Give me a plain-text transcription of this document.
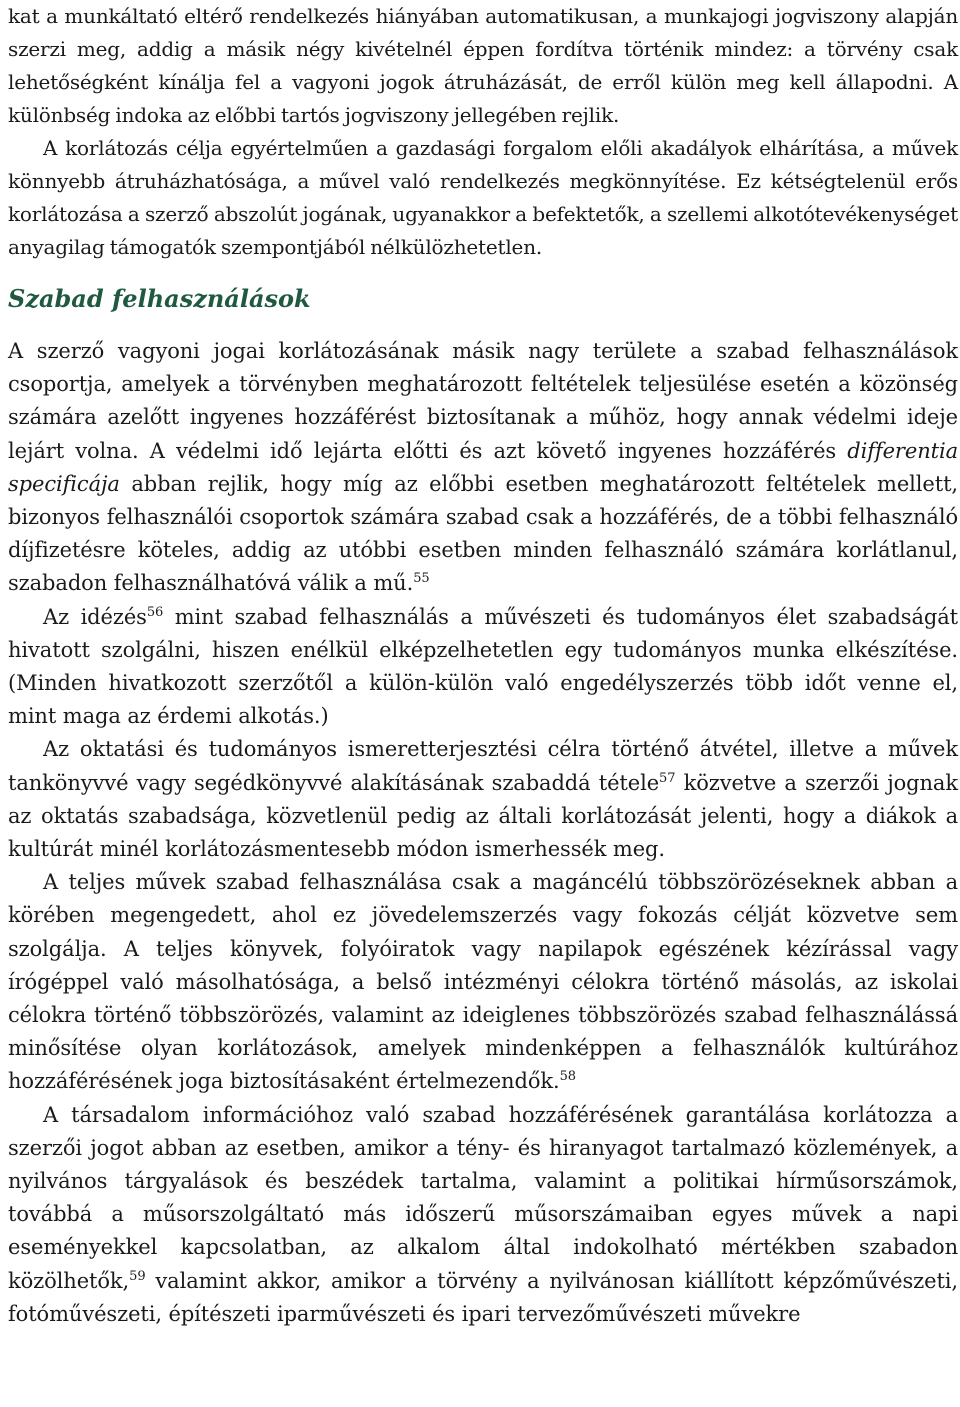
kat a munkáltató eltérő rendelkezés hiányában automatikusan, a munkajogi jogviszony alapján szerzi meg, addig a másik négy kivételnél éppen fordítva történik mindez: a törvény csak lehetőségként kínálja fel a vagyoni jogok átruházását, de erről külön meg kell állapodni. A különbség indoka az előbbi tartós jogviszony jellegében rejlik.

A korlátozás célja egyértelműen a gazdasági forgalom előli akadályok elhárítása, a művek könnyebb átruházhatósága, a művel való rendelkezés megkönnyítése. Ez kétségtelenül erős korlátozása a szerző abszolút jogának, ugyanakkor a befektetők, a szellemi alkotótevékenységet anyagilag támogatók szempontjából nélkülözhetetlen.

Szabad felhasználások

A szerző vagyoni jogai korlátozásának másik nagy területe a szabad felhasználások csoportja, amelyek a törvényben meghatározott feltételek teljesülése esetén a közönség számára azelőtt ingyenes hozzáférést biztosítanak a műhöz, hogy annak védelmi ideje lejárt volna. A védelmi idő lejárta előtti és azt követő ingyenes hozzáférés differentia specificája abban rejlik, hogy míg az előbbi esetben meghatározott feltételek mellett, bizonyos felhasználói csoportok számára szabad csak a hozzáférés, de a többi felhasználó díjfizetésre köteles, addig az utóbbi esetben minden felhasználó számára korlátlanul, szabadon felhasználhatóvá válik a mű.$^{55}$

Az idézés$^{56}$ mint szabad felhasználás a művészeti és tudományos élet szabadságát hivatott szolgálni, hiszen enélkül elképzelhetetlen egy tudományos munka elkészítése. (Minden hivatkozott szerzőtől a külön-külön való engedélyszerzés több időt venne el, mint maga az érdemi alkotás.)

Az oktatási és tudományos ismeretterjesztési célra történő átvétel, illetve a művek tankönyvvé vagy segédkönyvvé alakításának szabaddá tétele$^{57}$ közvetve a szerzői jognak az oktatás szabadsága, közvetlenül pedig az általi korlátozását jelenti, hogy a diákok a kultúrát minél korlátozásmentesebb módon ismerhessék meg.

A teljes művek szabad felhasználása csak a magáncélú többszörözéseknek abban a körében megengedett, ahol ez jövedelemszerzés vagy fokozás célját közvetve sem szolgálja. A teljes könyvek, folyóiratok vagy napilapok egészének kézírással vagy írógéppel való másolhatósága, a belső intézményi célokra történő másolás, az iskolai célokra történő többszörözés, valamint az ideiglenes többszörözés szabad felhasználássá minősítése olyan korlátozások, amelyek mindenképpen a felhasználók kultúrához hozzáférésének joga biztosításaként értelmezendők.$^{58}$

A társadalom információhoz való szabad hozzáférésének garantálása korlátozza a szerzői jogot abban az esetben, amikor a tény- és hiranyagot tartalmazó közlemények, a nyilvános tárgyalások és beszédek tartalma, valamint a politikai hírműsorszámok, továbbá a műsorszolgáltató más időszerű műsorszámaiban egyes művek a napi eseményekkel kapcsolatban, az alkalom által indokolható mértékben szabadon közölhetők,$^{59}$ valamint akkor, amikor a törvény a nyilvánosan kiállított képzőművészeti, fotóművészeti, építészeti iparművészeti és ipari tervezőművészeti művekre
